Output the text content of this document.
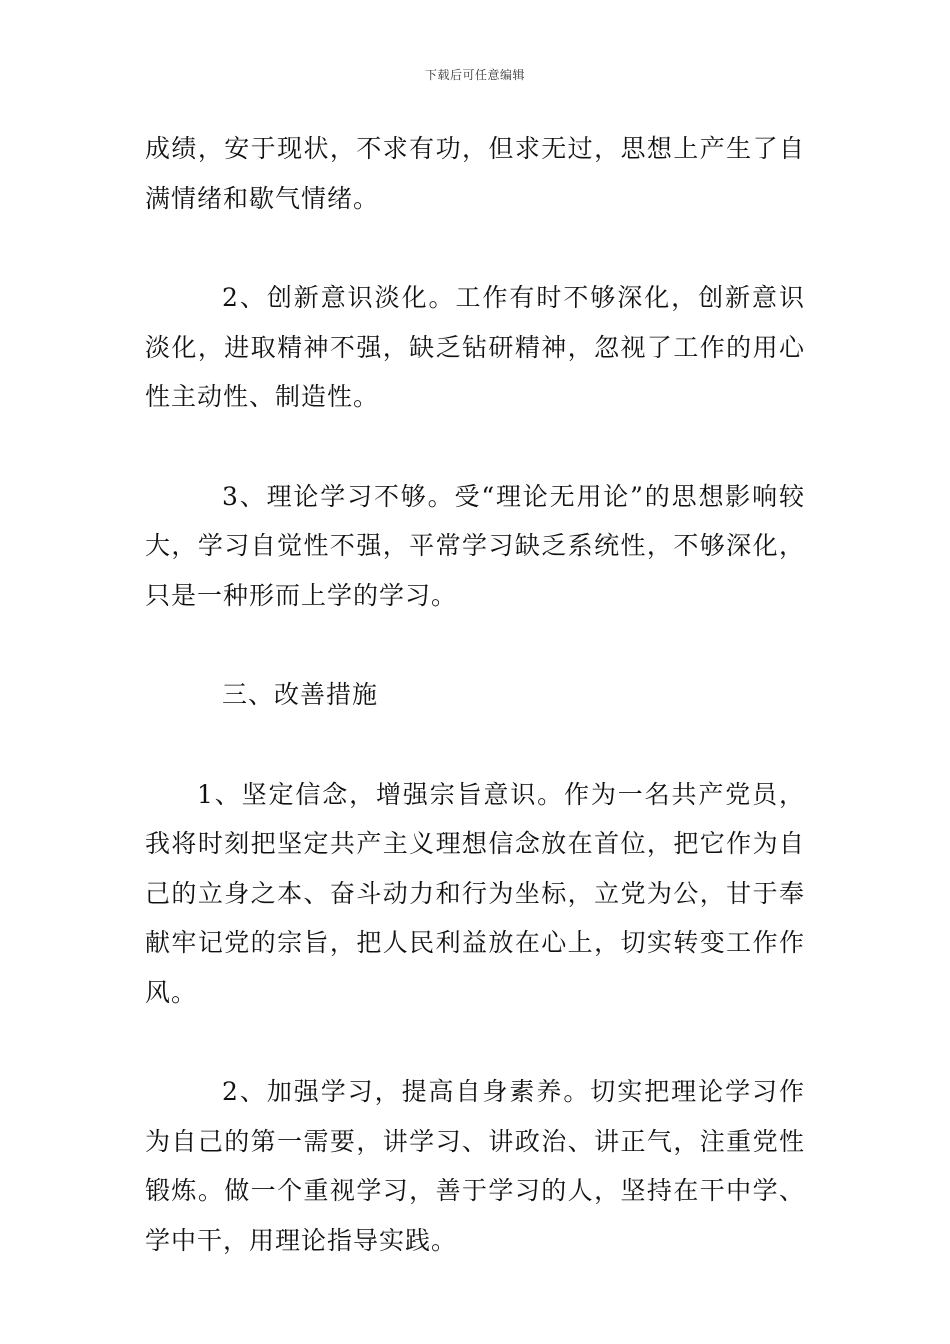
下载后可任意编辑

成绩，安于现状，不求有功，但求无过，思想上产生了自满情绪和歇气情绪。

2、创新意识淡化。工作有时不够深化，创新意识淡化，进取精神不强，缺乏钻研精神，忽视了工作的用心性主动性、制造性。

3、理论学习不够。受“理论无用论”的思想影响较大，学习自觉性不强，平常学习缺乏系统性，不够深化，只是一种形而上学的学习。

三、改善措施

1、坚定信念，增强宗旨意识。作为一名共产党员，我将时刻把坚定共产主义理想信念放在首位，把它作为自己的立身之本、奋斗动力和行为坐标，立党为公，甘于奉献牢记党的宗旨，把人民利益放在心上，切实转变工作作风。

2、加强学习，提高自身素养。切实把理论学习作为自己的第一需要，讲学习、讲政治、讲正气，注重党性锻炼。做一个重视学习，善于学习的人，坚持在干中学、学中干，用理论指导实践。
